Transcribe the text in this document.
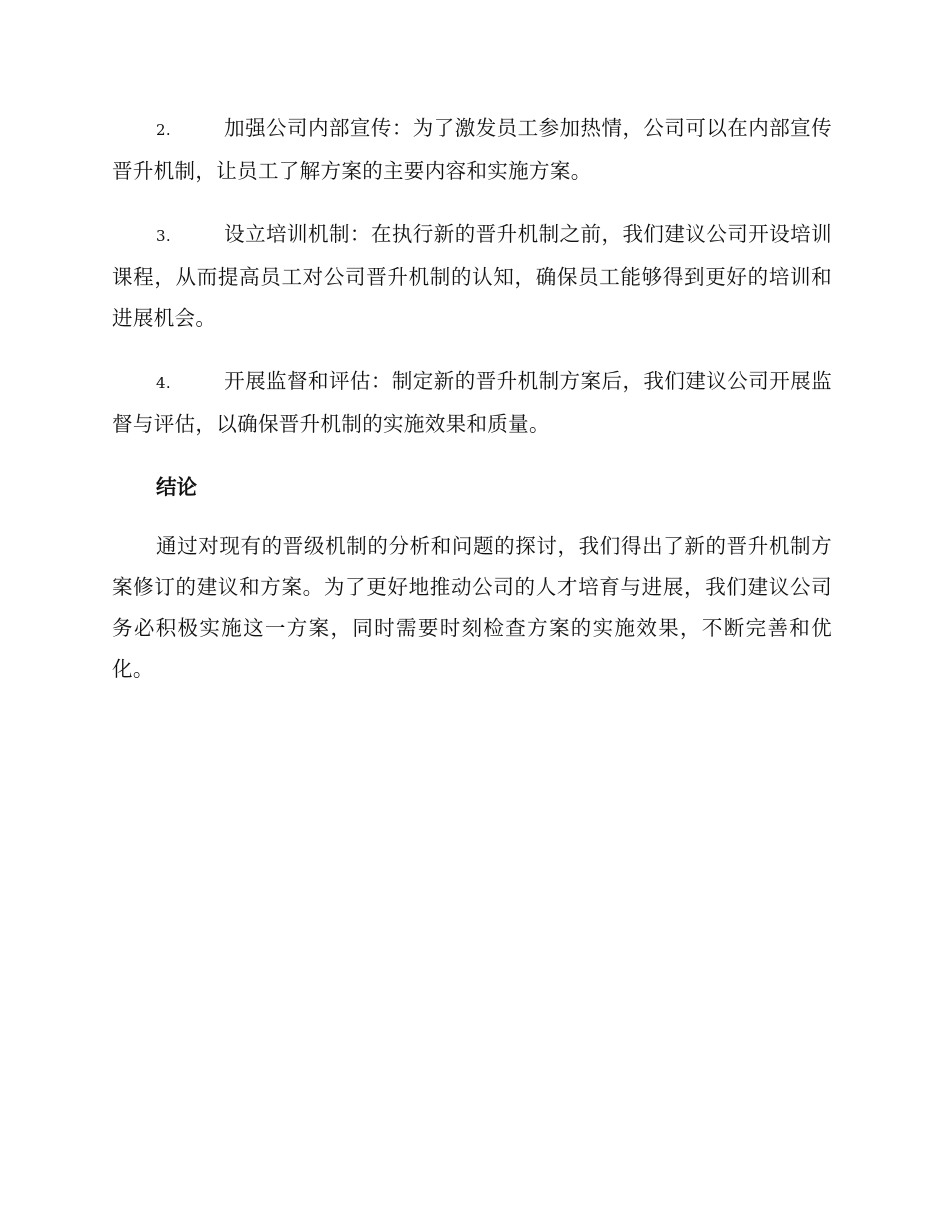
2.	加强公司内部宣传：为了激发员工参加热情，公司可以在内部宣传晋升机制，让员工了解方案的主要内容和实施方案。

3.	设立培训机制：在执行新的晋升机制之前，我们建议公司开设培训课程，从而提高员工对公司晋升机制的认知，确保员工能够得到更好的培训和进展机会。

4.	开展监督和评估：制定新的晋升机制方案后，我们建议公司开展监督与评估，以确保晋升机制的实施效果和质量。

结论

通过对现有的晋级机制的分析和问题的探讨，我们得出了新的晋升机制方案修订的建议和方案。为了更好地推动公司的人才培育与进展，我们建议公司务必积极实施这一方案，同时需要时刻检查方案的实施效果，不断完善和优化。
